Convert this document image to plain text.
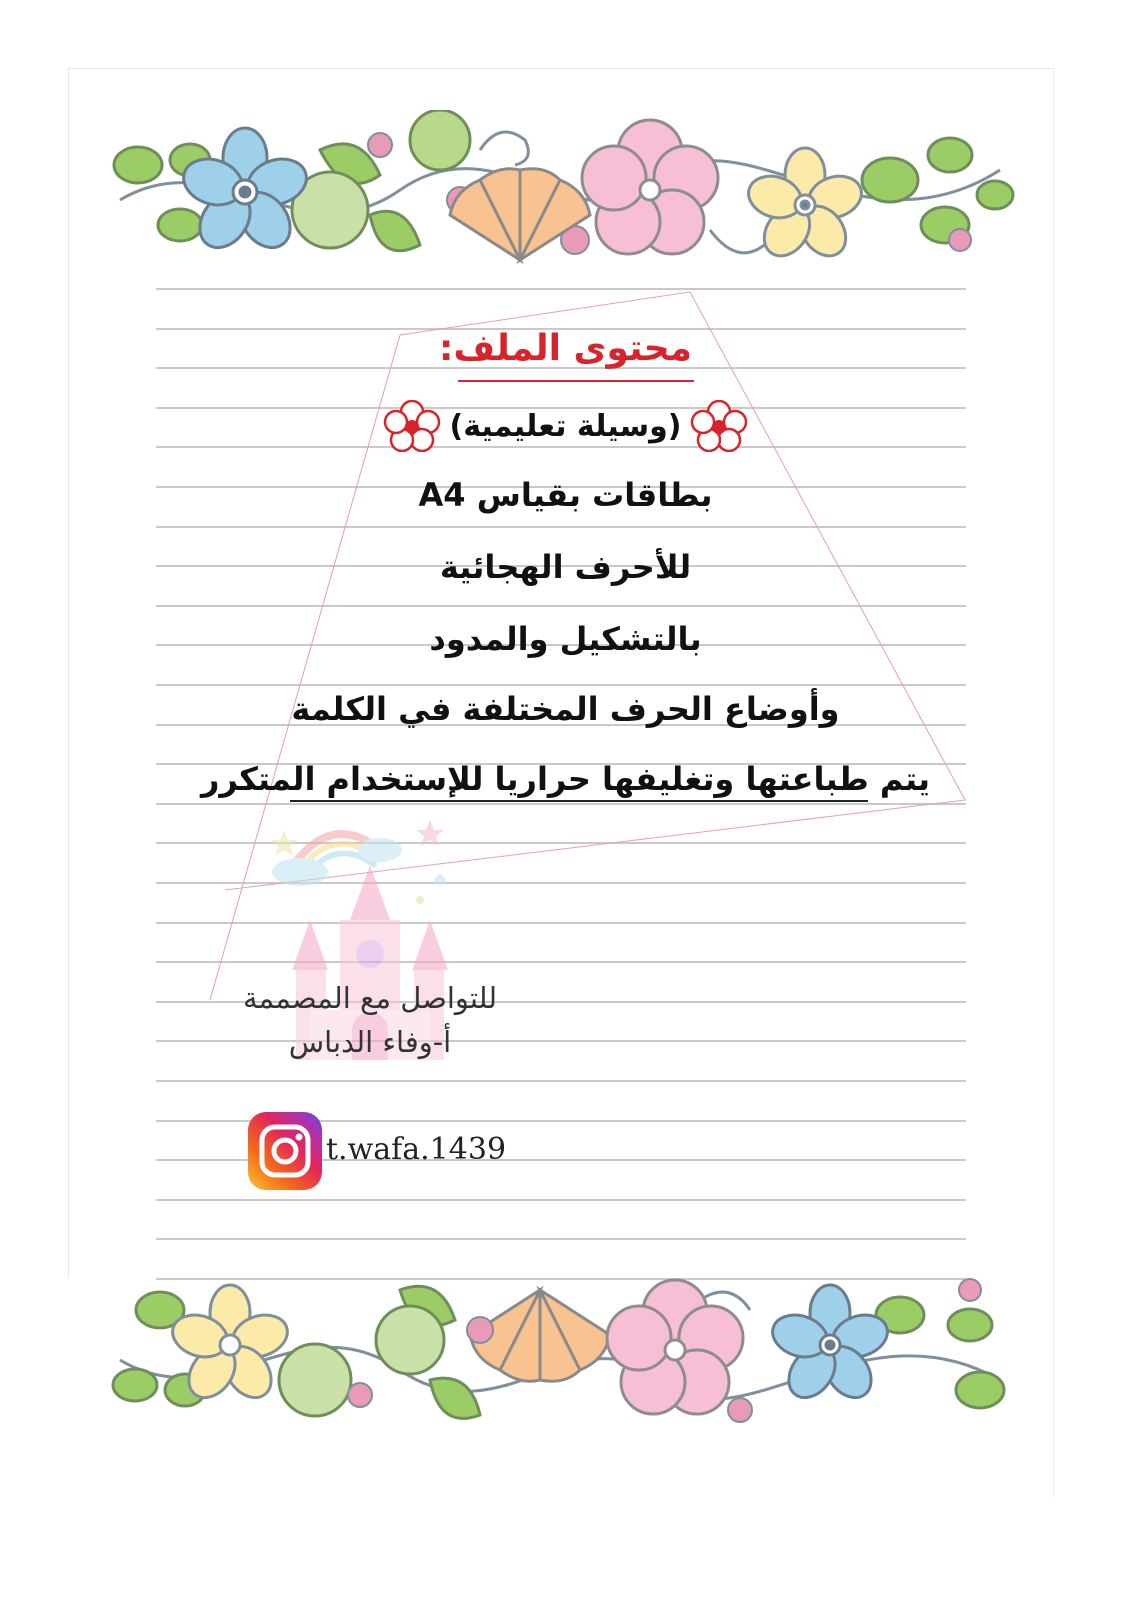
محتوى الملف:
(وسيلة تعليمية)
بطاقات بقياس A4
للأحرف الهجائية
بالتشكيل والمدود
وأوضاع الحرف المختلفة في الكلمة
يتم طباعتها وتغليفها حراريا للإستخدام المتكرر
للتواصل مع المصممة
أ-وفاء الدباس
t.wafa.1439
